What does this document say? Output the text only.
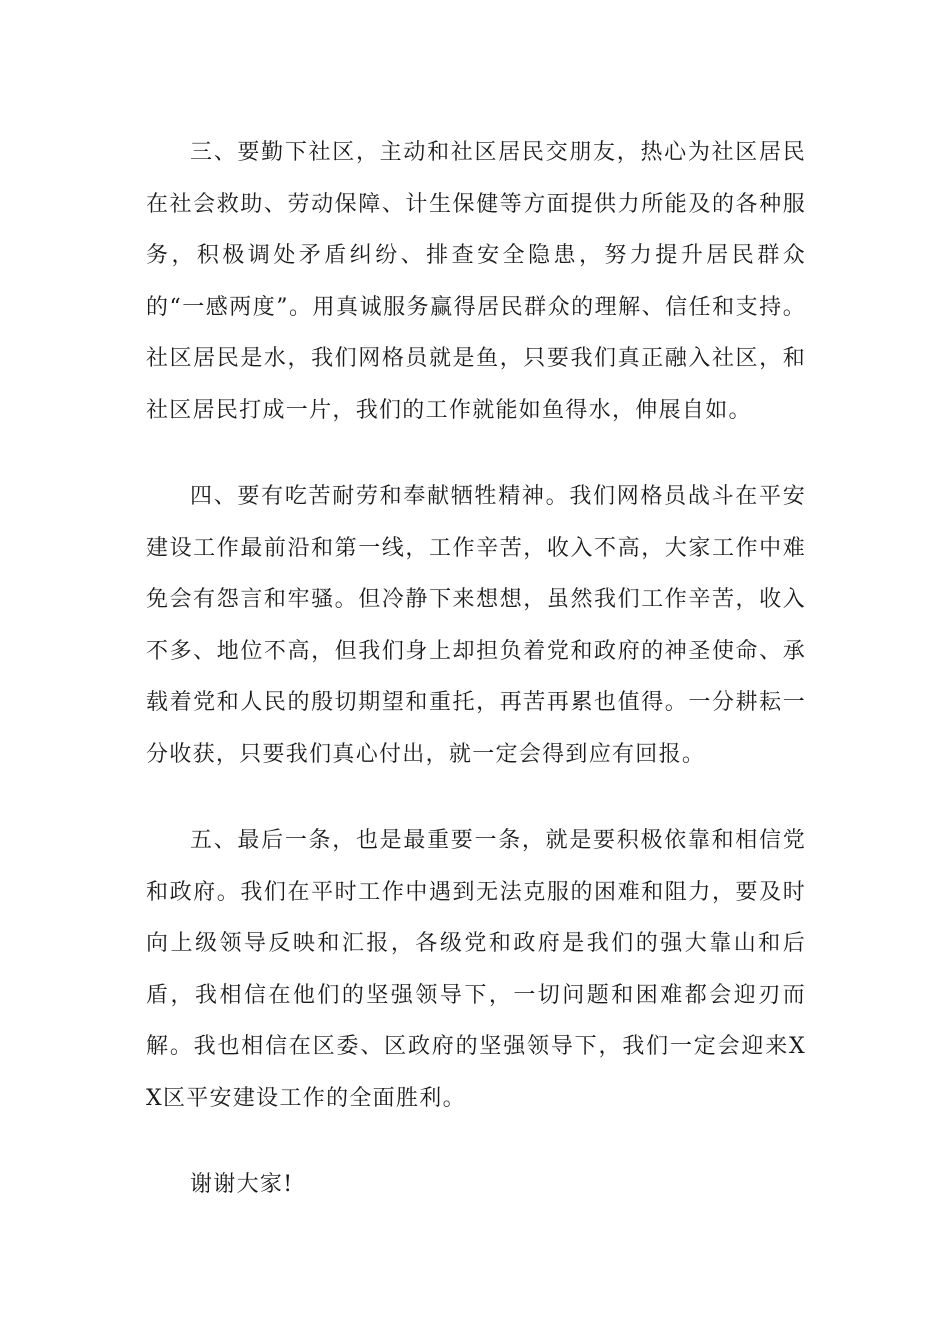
三、要勤下社区，主动和社区居民交朋友，热心为社区居民在社会救助、劳动保障、计生保健等方面提供力所能及的各种服务，积极调处矛盾纠纷、排查安全隐患，努力提升居民群众的“一感两度”。用真诚服务赢得居民群众的理解、信任和支持。社区居民是水，我们网格员就是鱼，只要我们真正融入社区，和社区居民打成一片，我们的工作就能如鱼得水，伸展自如。

四、要有吃苦耐劳和奉献牺牲精神。我们网格员战斗在平安建设工作最前沿和第一线，工作辛苦，收入不高，大家工作中难免会有怨言和牢骚。但冷静下来想想，虽然我们工作辛苦，收入不多、地位不高，但我们身上却担负着党和政府的神圣使命、承载着党和人民的殷切期望和重托，再苦再累也值得。一分耕耘一分收获，只要我们真心付出，就一定会得到应有回报。

五、最后一条，也是最重要一条，就是要积极依靠和相信党和政府。我们在平时工作中遇到无法克服的困难和阻力，要及时向上级领导反映和汇报，各级党和政府是我们的强大靠山和后盾，我相信在他们的坚强领导下，一切问题和困难都会迎刃而解。我也相信在区委、区政府的坚强领导下，我们一定会迎来XX区平安建设工作的全面胜利。

谢谢大家!
